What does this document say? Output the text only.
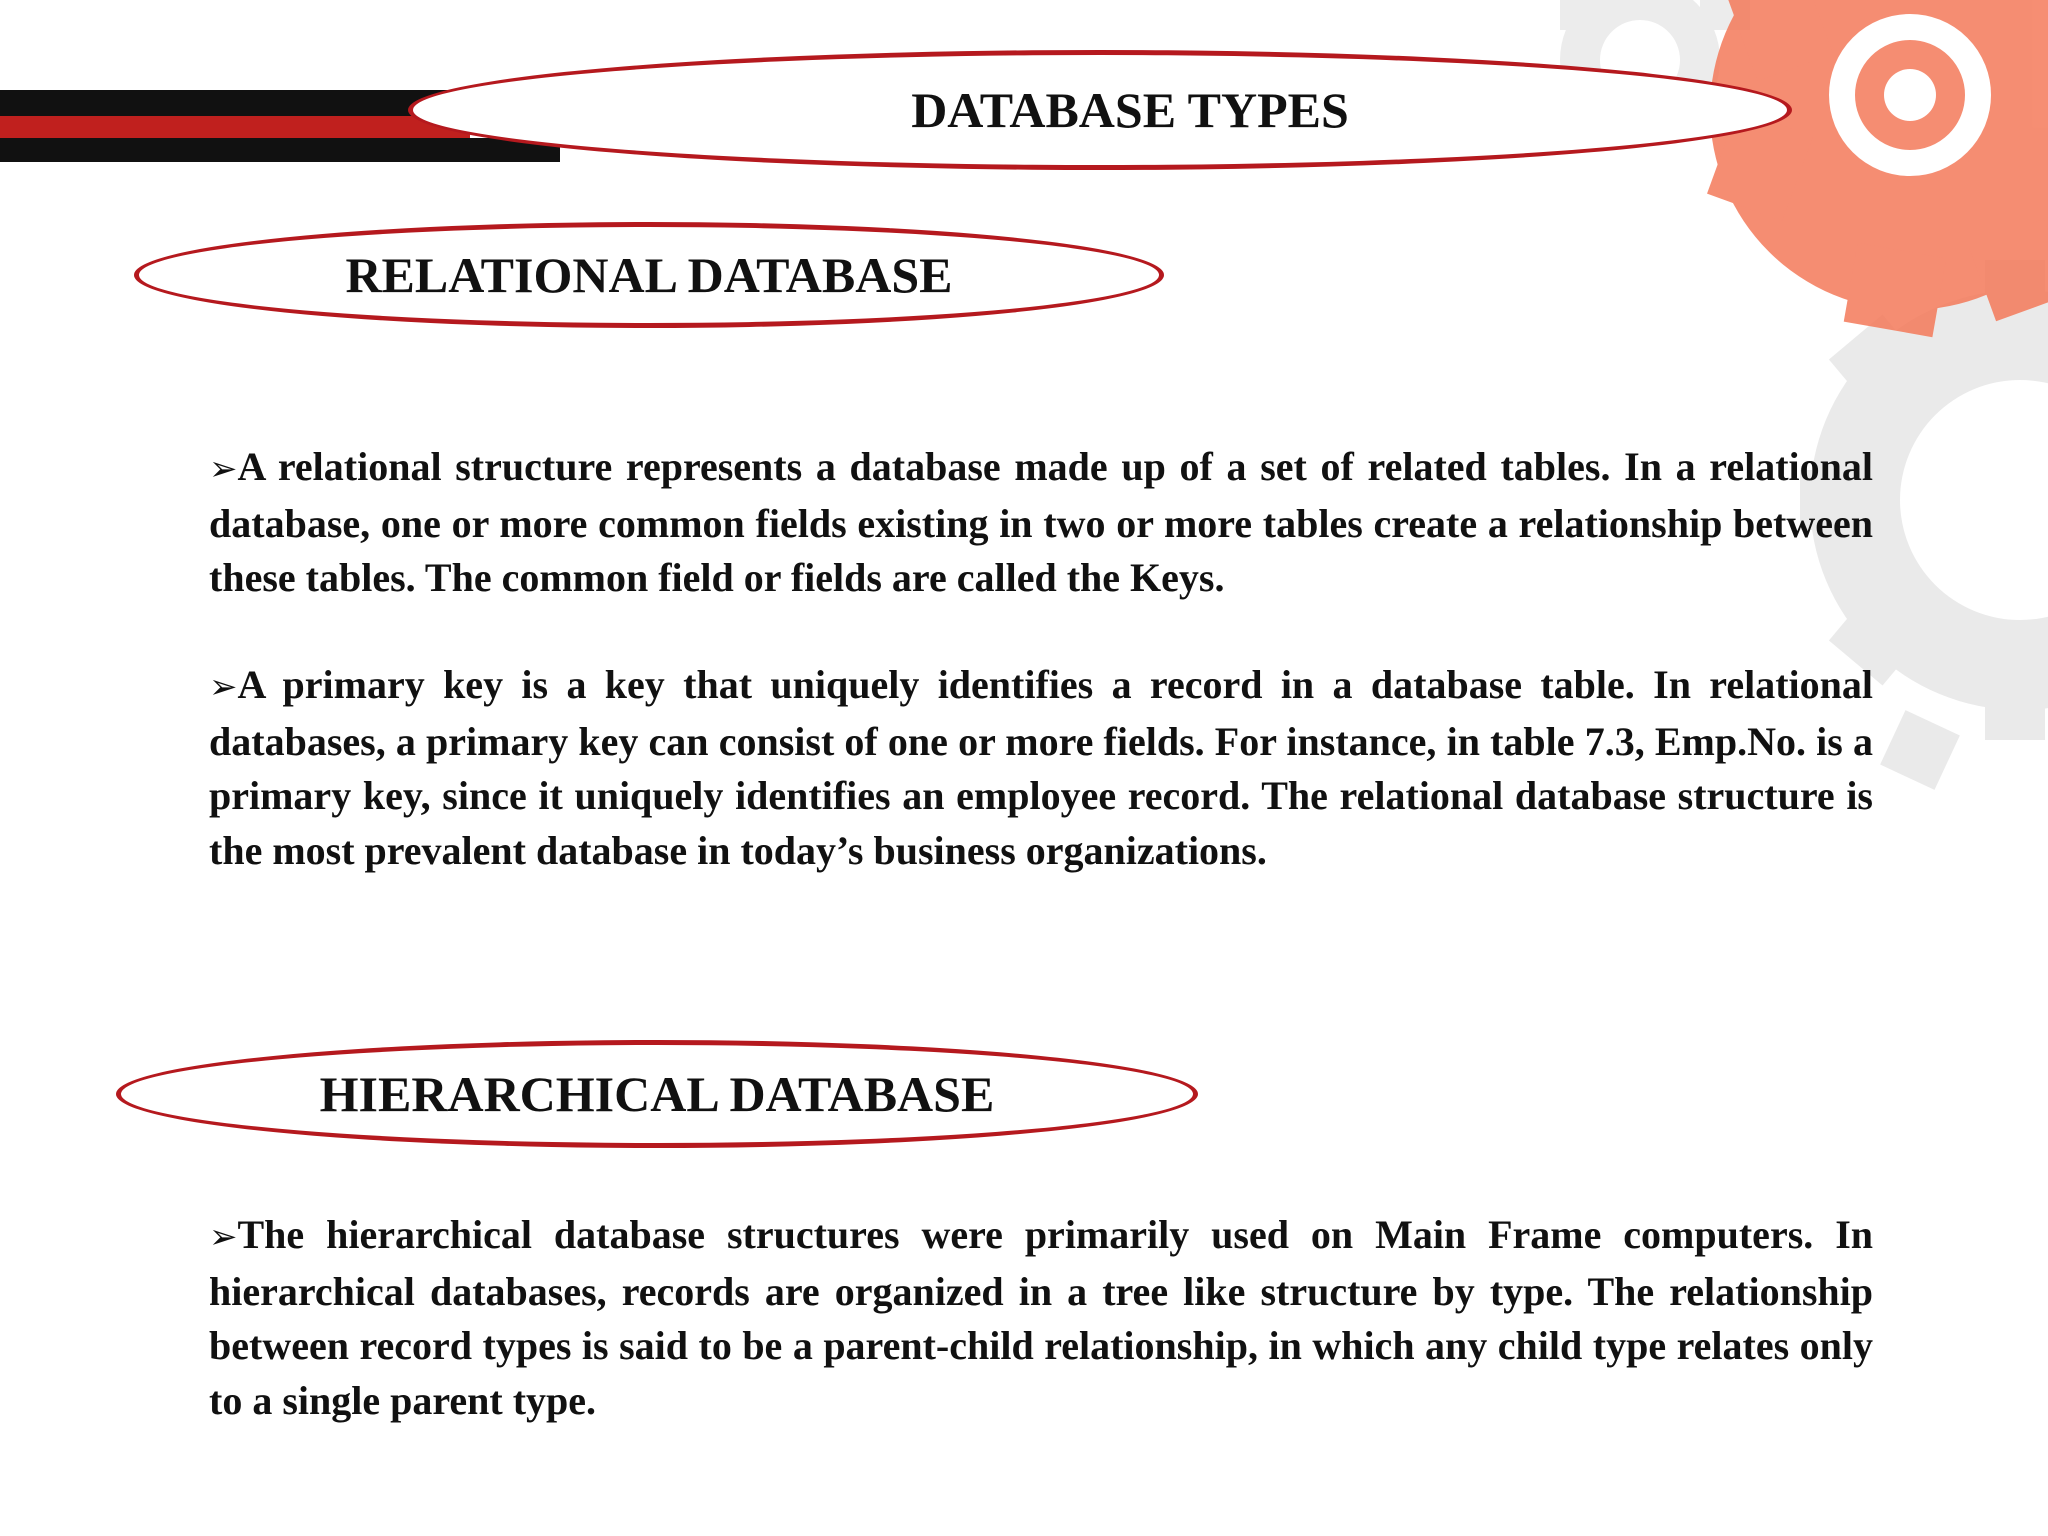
DATABASE TYPES
RELATIONAL DATABASE

➢A relational structure represents a database made up of a set of related tables. In a relational database, one or more common fields existing in two or more tables create a relationship between these tables. The common field or fields are called the Keys.

➢A primary key is a key that uniquely identifies a record in a database table. In relational databases, a primary key can consist of one or more fields. For instance, in table 7.3, Emp.No. is a primary key, since it uniquely identifies an employee record. The relational database structure is the most prevalent database in today’s business organizations.

HIERARCHICAL DATABASE

➢The hierarchical database structures were primarily used on Main Frame computers. In hierarchical databases, records are organized in a tree like structure by type. The relationship between record types is said to be a parent-child relationship, in which any child type relates only to a single parent type.
